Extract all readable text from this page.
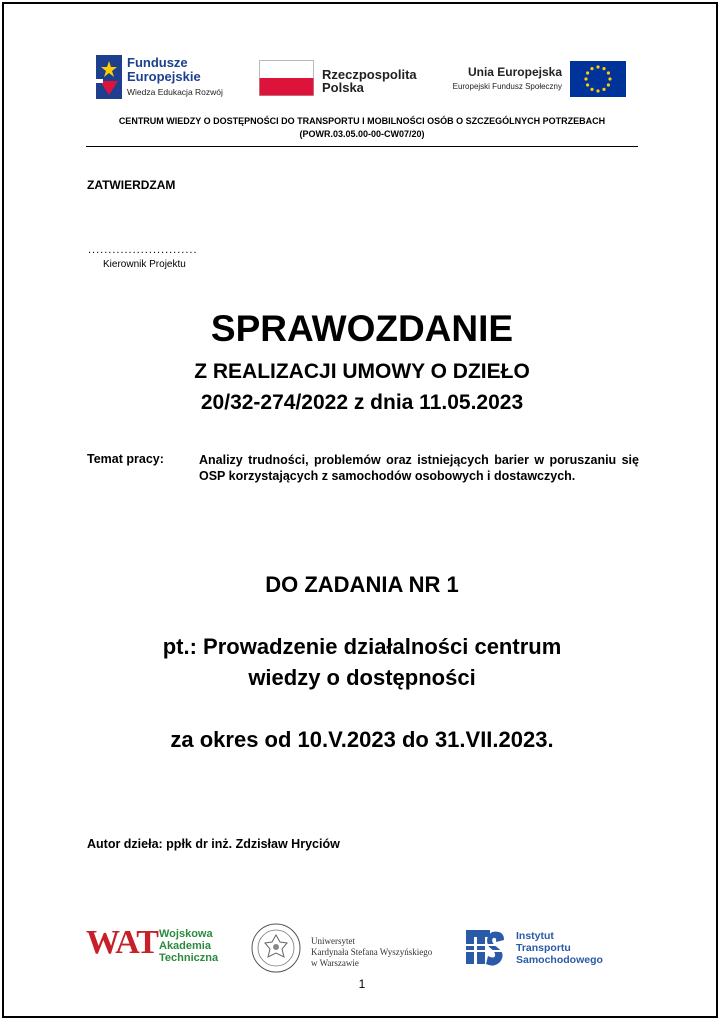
Fundusze
Europejskie
Wiedza Edukacja Rozwój
Rzeczpospolita
Polska
Unia Europejska
Europejski Fundusz Społeczny
CENTRUM WIEDZY O DOSTĘPNOŚCI DO TRANSPORTU I MOBILNOŚCI OSÓB O SZCZEGÓLNYCH POTRZEBACH
(POWR.03.05.00-00-CW07/20)
ZATWIERDZAM
...........................
Kierownik Projektu
SPRAWOZDANIE
Z REALIZACJI UMOWY O DZIEŁO
20/32-274/2022 z dnia 11.05.2023
Temat pracy:	Analizy trudności, problemów oraz istniejących barier w poruszaniu się OSP korzystających z samochodów osobowych i dostawczych.
DO ZADANIA NR 1
pt.: Prowadzenie działalności centrum
wiedzy o dostępności
za okres od 10.V.2023 do 31.VII.2023.
Autor dzieła: ppłk dr inż. Zdzisław Hryciów
WAT Wojskowa
Akademia
Techniczna
Uniwersytet
Kardynała Stefana Wyszyńskiego
w Warszawie
Instytut
Transportu
Samochodowego
1
